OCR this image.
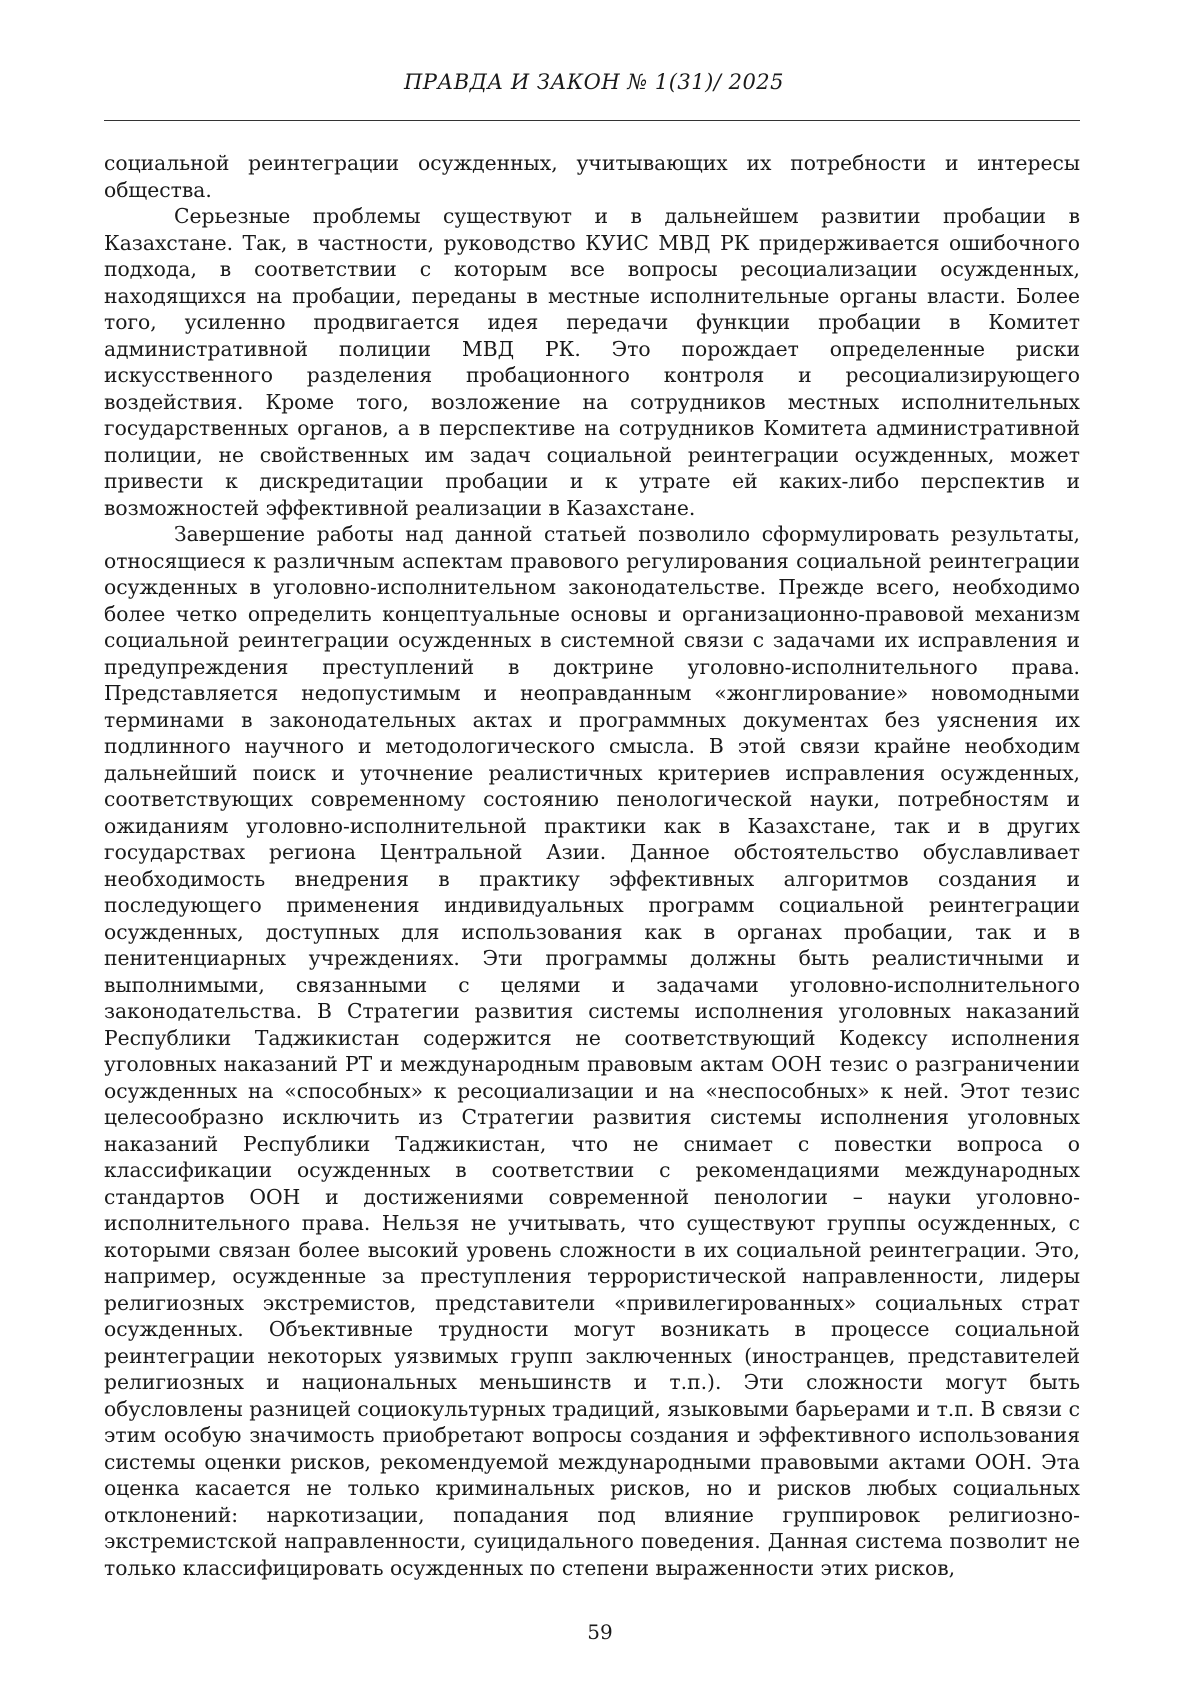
ПРАВДА И ЗАКОН № 1(31)/ 2025

социальной реинтеграции осужденных, учитывающих их потребности и интересы общества.

Серьезные проблемы существуют и в дальнейшем развитии пробации в Казахстане. Так, в частности, руководство КУИС МВД РК придерживается ошибочного подхода, в соответствии с которым все вопросы ресоциализации осужденных, находящихся на пробации, переданы в местные исполнительные органы власти. Более того, усиленно продвигается идея передачи функции пробации в Комитет административной полиции МВД РК. Это порождает определенные риски искусственного разделения пробационного контроля и ресоциализирующего воздействия. Кроме того, возложение на сотрудников местных исполнительных государственных органов, а в перспективе на сотрудников Комитета административной полиции, не свойственных им задач социальной реинтеграции осужденных, может привести к дискредитации пробации и к утрате ей каких-либо перспектив и возможностей эффективной реализации в Казахстане.

Завершение работы над данной статьей позволило сформулировать результаты, относящиеся к различным аспектам правового регулирования социальной реинтеграции осужденных в уголовно-исполнительном законодательстве. Прежде всего, необходимо более четко определить концептуальные основы и организационно-правовой механизм социальной реинтеграции осужденных в системной связи с задачами их исправления и предупреждения преступлений в доктрине уголовно-исполнительного права. Представляется недопустимым и неоправданным «жонглирование» новомодными терминами в законодательных актах и программных документах без уяснения их подлинного научного и методологического смысла. В этой связи крайне необходим дальнейший поиск и уточнение реалистичных критериев исправления осужденных, соответствующих современному состоянию пенологической науки, потребностям и ожиданиям уголовно-исполнительной практики как в Казахстане, так и в других государствах региона Центральной Азии. Данное обстоятельство обуславливает необходимость внедрения в практику эффективных алгоритмов создания и последующего применения индивидуальных программ социальной реинтеграции осужденных, доступных для использования как в органах пробации, так и в пенитенциарных учреждениях. Эти программы должны быть реалистичными и выполнимыми, связанными с целями и задачами уголовно-исполнительного законодательства. В Стратегии развития системы исполнения уголовных наказаний Республики Таджикистан содержится не соответствующий Кодексу исполнения уголовных наказаний РТ и международным правовым актам ООН тезис о разграничении осужденных на «способных» к ресоциализации и на «неспособных» к ней. Этот тезис целесообразно исключить из Стратегии развития системы исполнения уголовных наказаний Республики Таджикистан, что не снимает с повестки вопроса о классификации осужденных в соответствии с рекомендациями международных стандартов ООН и достижениями современной пенологии – науки уголовно-исполнительного права. Нельзя не учитывать, что существуют группы осужденных, с которыми связан более высокий уровень сложности в их социальной реинтеграции. Это, например, осужденные за преступления террористической направленности, лидеры религиозных экстремистов, представители «привилегированных» социальных страт осужденных. Объективные трудности могут возникать в процессе социальной реинтеграции некоторых уязвимых групп заключенных (иностранцев, представителей религиозных и национальных меньшинств и т.п.). Эти сложности могут быть обусловлены разницей социокультурных традиций, языковыми барьерами и т.п. В связи с этим особую значимость приобретают вопросы создания и эффективного использования системы оценки рисков, рекомендуемой международными правовыми актами ООН. Эта оценка касается не только криминальных рисков, но и рисков любых социальных отклонений: наркотизации, попадания под влияние группировок религиозно-экстремистской направленности, суицидального поведения. Данная система позволит не только классифицировать осужденных по степени выраженности этих рисков,

59
